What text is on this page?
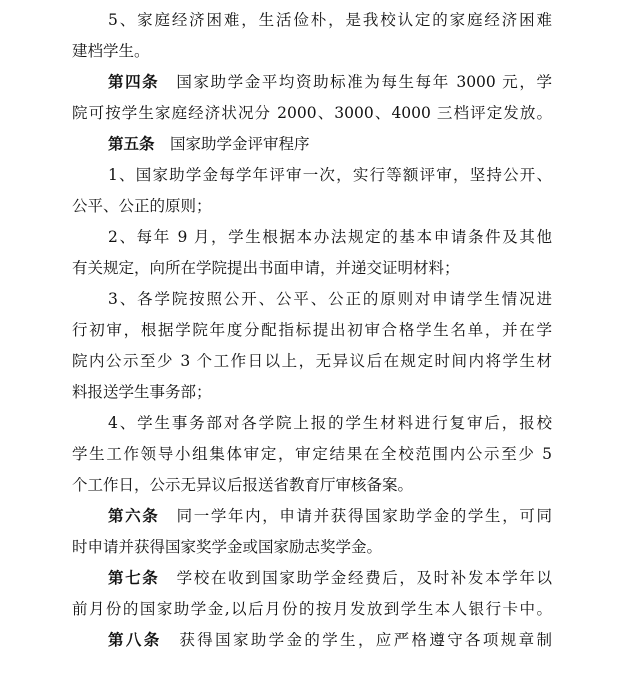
5、家庭经济困难，生活俭朴，是我校认定的家庭经济困难
建档学生。
第四条　 国家助学金平均资助标准为每生每年 3000 元，学
院可按学生家庭经济状况分 2000、3000、4000 三档评定发放。
第五条　 国家助学金评审程序
1、国家助学金每学年评审一次，实行等额评审，坚持公开、
公平、公正的原则；
2、每年 9 月，学生根据本办法规定的基本申请条件及其他
有关规定，向所在学院提出书面申请，并递交证明材料；
3、各学院按照公开、公平、公正的原则对申请学生情况进
行初审，根据学院年度分配指标提出初审合格学生名单，并在学
院内公示至少 3 个工作日以上，无异议后在规定时间内将学生材
料报送学生事务部；
4、学生事务部对各学院上报的学生材料进行复审后，报校
学生工作领导小组集体审定，审定结果在全校范围内公示至少 5
个工作日，公示无异议后报送省教育厅审核备案。
第六条　 同一学年内，申请并获得国家助学金的学生，可同
时申请并获得国家奖学金或国家励志奖学金。
第七条　 学校在收到国家助学金经费后，及时补发本学年以
前月份的国家助学金,以后月份的按月发放到学生本人银行卡中。
第八条　 获得国家助学金的学生，应严格遵守各项规章制
